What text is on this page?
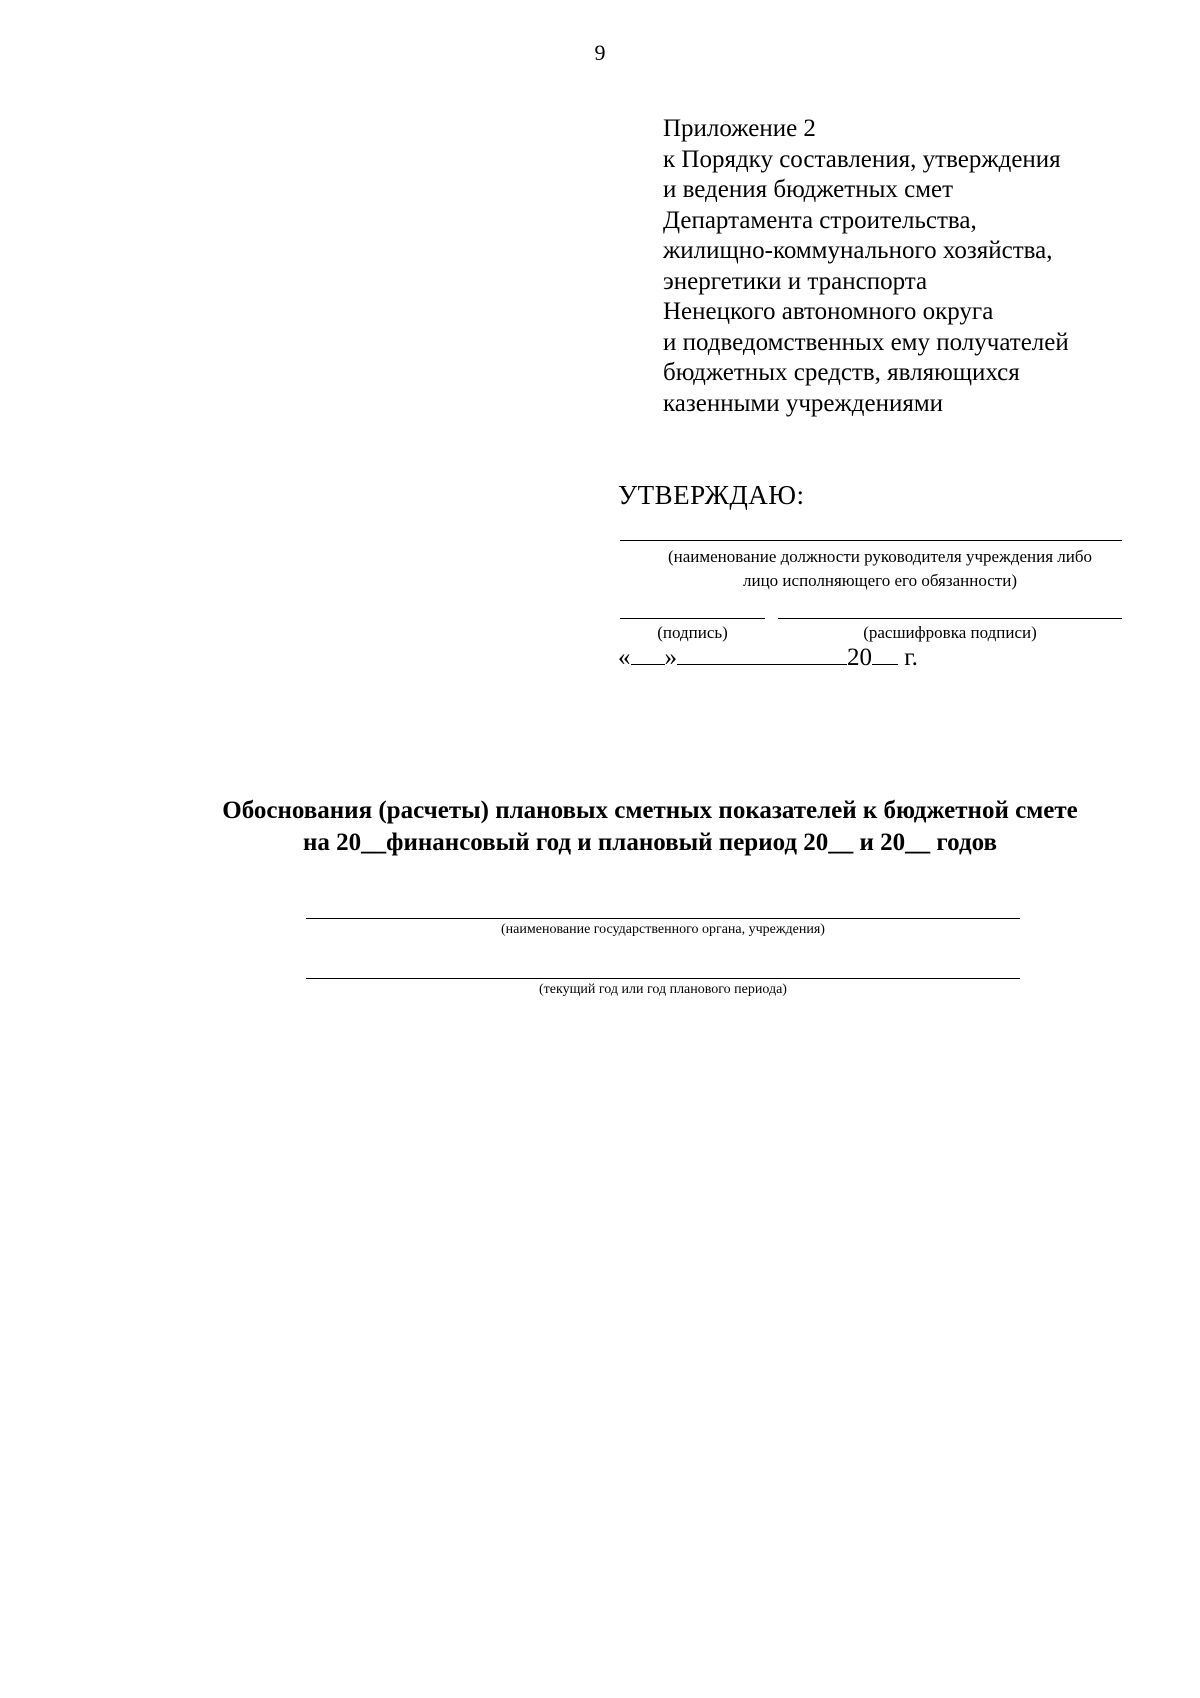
9
Приложение 2
к Порядку составления, утверждения
и ведения бюджетных смет
Департамента строительства,
жилищно-коммунального хозяйства,
энергетики и транспорта
Ненецкого автономного округа
и подведомственных ему получателей
бюджетных средств, являющихся
казенными учреждениями
УТВЕРЖДАЮ:
(наименование должности руководителя учреждения либо
лицо исполняющего его обязанности)
(подпись)	(расшифровка подписи)
« »	20 г.
Обоснования (расчеты) плановых сметных показателей к бюджетной смете
на 20__финансовый год и плановый период 20__ и 20__ годов
(наименование государственного органа, учреждения)
(текущий год или год планового периода)
